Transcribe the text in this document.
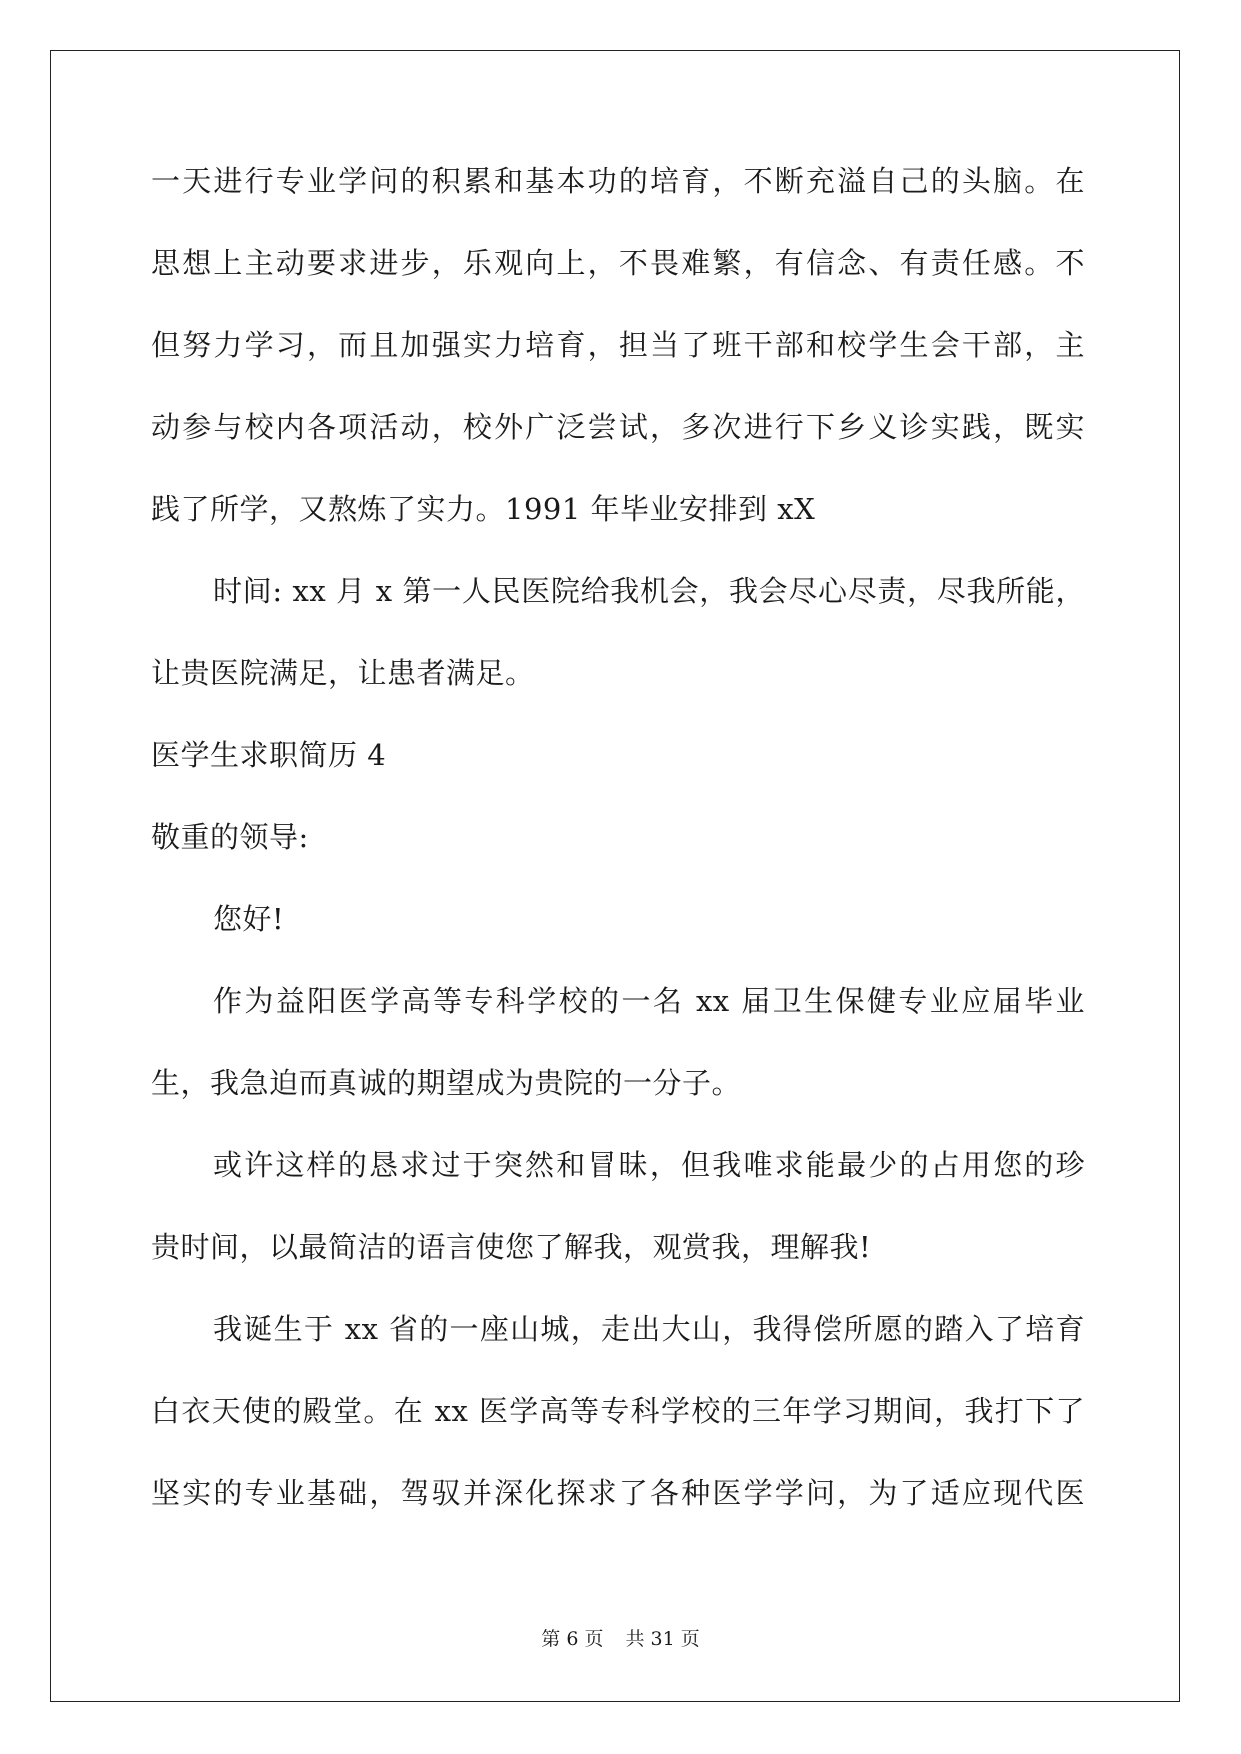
一天进行专业学问的积累和基本功的培育，不断充溢自己的头脑。在
思想上主动要求进步，乐观向上，不畏难繁，有信念、有责任感。不
但努力学习，而且加强实力培育，担当了班干部和校学生会干部，主
动参与校内各项活动，校外广泛尝试，多次进行下乡义诊实践，既实
践了所学，又熬炼了实力。1991 年毕业安排到 xX
时间: xx 月 x 第一人民医院给我机会，我会尽心尽责，尽我所能，
让贵医院满足，让患者满足。
医学生求职简历 4
敬重的领导:
您好!
作为益阳医学高等专科学校的一名 xx 届卫生保健专业应届毕业
生，我急迫而真诚的期望成为贵院的一分子。
或许这样的恳求过于突然和冒昧，但我唯求能最少的占用您的珍
贵时间，以最简洁的语言使您了解我，观赏我，理解我!
我诞生于 xx 省的一座山城，走出大山，我得偿所愿的踏入了培育
白衣天使的殿堂。在 xx 医学高等专科学校的三年学习期间，我打下了
坚实的专业基础，驾驭并深化探求了各种医学学问，为了适应现代医
第 6 页 共 31 页
